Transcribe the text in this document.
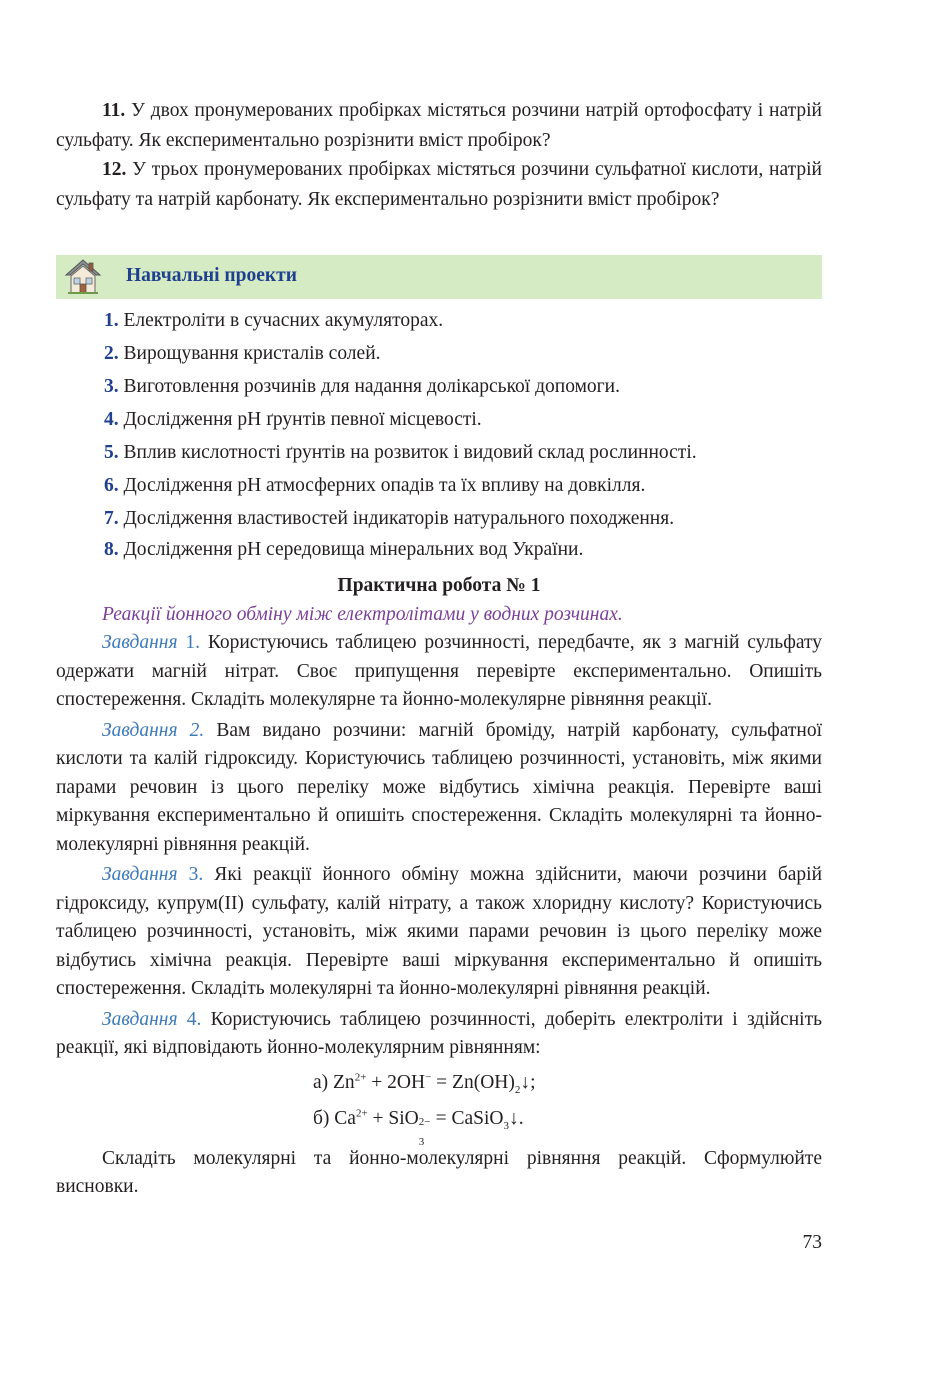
11. У двох пронумерованих пробірках містяться розчини натрій ортофосфату і натрій сульфату. Як експериментально розрізнити вміст пробірок?

12. У трьох пронумерованих пробірках містяться розчини сульфатної кислоти, натрій сульфату та натрій карбонату. Як експериментально розрізнити вміст пробірок?

Навчальні проекти
1. Електроліти в сучасних акумуляторах.
2. Вирощування кристалів солей.
3. Виготовлення розчинів для надання долікарської допомоги.
4. Дослідження pH ґрунтів певної місцевості.
5. Вплив кислотності ґрунтів на розвиток і видовий склад рослинності.
6. Дослідження pH атмосферних опадів та їх впливу на довкілля.
7. Дослідження властивостей індикаторів натурального походження.
8. Дослідження pH середовища мінеральних вод України.

Практична робота № 1

Реакції йонного обміну між електролітами у водних розчинах.

Завдання 1. Користуючись таблицею розчинності, передбачте, як з магній сульфату одержати магній нітрат. Своє припущення перевірте експериментально. Опишіть спостереження. Складіть молекулярне та йонно-молекулярне рівняння реакції.

Завдання 2. Вам видано розчини: магній броміду, натрій карбонату, сульфатної кислоти та калій гідроксиду. Користуючись таблицею розчинності, установіть, між якими парами речовин із цього переліку може відбутись хімічна реакція. Перевірте ваші міркування експериментально й опишіть спостереження. Складіть молекулярні та йонно-молекулярні рівняння реакцій.

Завдання 3. Які реакції йонного обміну можна здійснити, маючи розчини барій гідроксиду, купрум(II) сульфату, калій нітрату, а також хлоридну кислоту? Користуючись таблицею розчинності, установіть, між якими парами речовин із цього переліку може відбутись хімічна реакція. Перевірте ваші міркування експериментально й опишіть спостереження. Складіть молекулярні та йонно-молекулярні рівняння реакцій.

Завдання 4. Користуючись таблицею розчинності, доберіть електроліти і здійсніть реакції, які відповідають йонно-молекулярним рівнянням:

а) $Zn^{2+} + 2OH^-$ = $Zn(OH)_2↓$;

б) $Ca^{2+}$ + SiO 2−
3
= CaSiO$_3$↓.

Складіть молекулярні та йонно-молекулярні рівняння реакцій. Сформулюйте висновки.

73
